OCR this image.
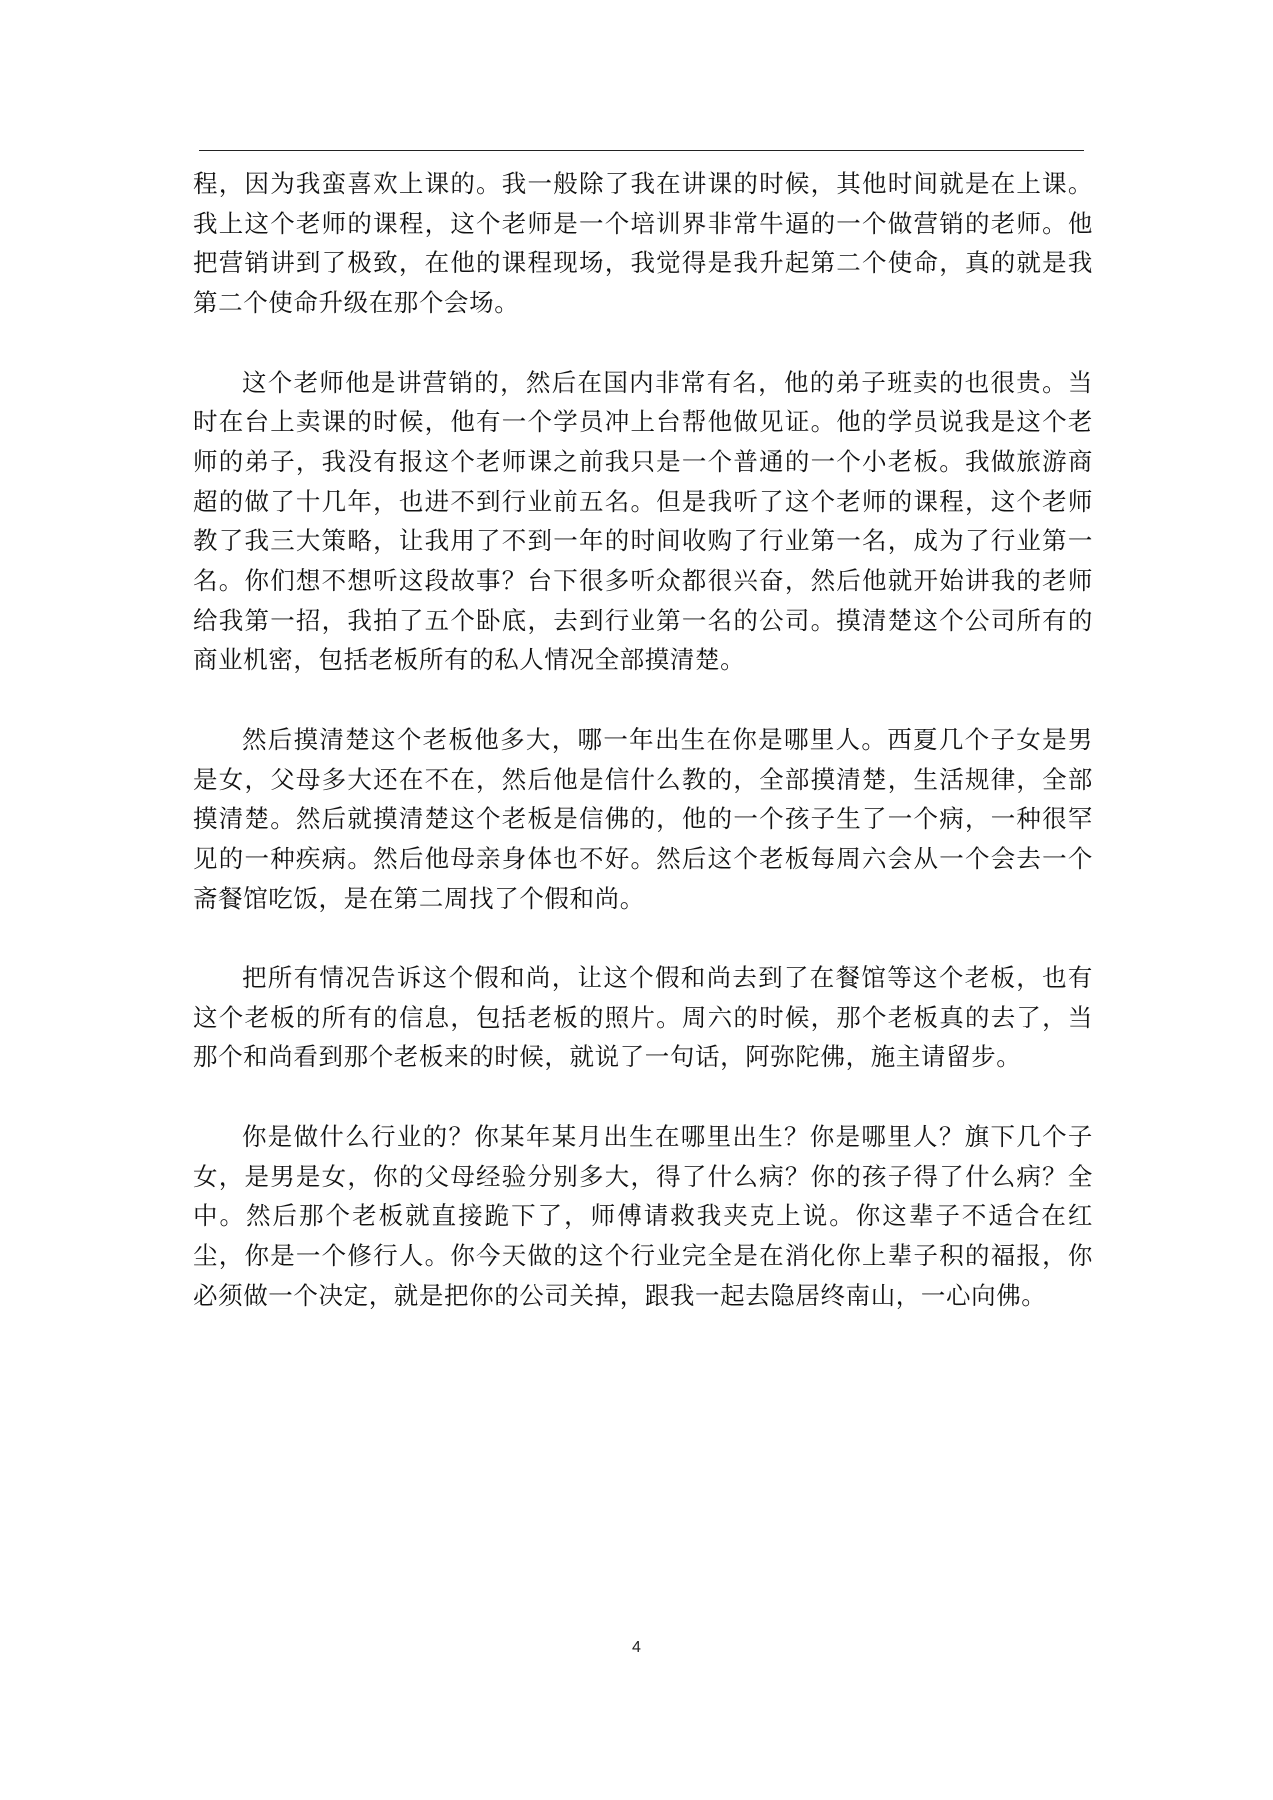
程，因为我蛮喜欢上课的。我一般除了我在讲课的时候，其他时间就是在上课。我上这个老师的课程，这个老师是一个培训界非常牛逼的一个做营销的老师。他把营销讲到了极致，在他的课程现场，我觉得是我升起第二个使命，真的就是我第二个使命升级在那个会场。

这个老师他是讲营销的，然后在国内非常有名，他的弟子班卖的也很贵。当时在台上卖课的时候，他有一个学员冲上台帮他做见证。他的学员说我是这个老师的弟子，我没有报这个老师课之前我只是一个普通的一个小老板。我做旅游商超的做了十几年，也进不到行业前五名。但是我听了这个老师的课程，这个老师教了我三大策略，让我用了不到一年的时间收购了行业第一名，成为了行业第一名。你们想不想听这段故事？台下很多听众都很兴奋，然后他就开始讲我的老师给我第一招，我拍了五个卧底，去到行业第一名的公司。摸清楚这个公司所有的商业机密，包括老板所有的私人情况全部摸清楚。

然后摸清楚这个老板他多大，哪一年出生在你是哪里人。西夏几个子女是男是女，父母多大还在不在，然后他是信什么教的，全部摸清楚，生活规律，全部摸清楚。然后就摸清楚这个老板是信佛的，他的一个孩子生了一个病，一种很罕见的一种疾病。然后他母亲身体也不好。然后这个老板每周六会从一个会去一个斋餐馆吃饭，是在第二周找了个假和尚。

把所有情况告诉这个假和尚，让这个假和尚去到了在餐馆等这个老板，也有这个老板的所有的信息，包括老板的照片。周六的时候，那个老板真的去了，当那个和尚看到那个老板来的时候，就说了一句话，阿弥陀佛，施主请留步。

你是做什么行业的？你某年某月出生在哪里出生？你是哪里人？旗下几个子女，是男是女，你的父母经验分别多大，得了什么病？你的孩子得了什么病？全中。然后那个老板就直接跪下了，师傅请救我夹克上说。你这辈子不适合在红尘，你是一个修行人。你今天做的这个行业完全是在消化你上辈子积的福报，你必须做一个决定，就是把你的公司关掉，跟我一起去隐居终南山，一心向佛。

4
